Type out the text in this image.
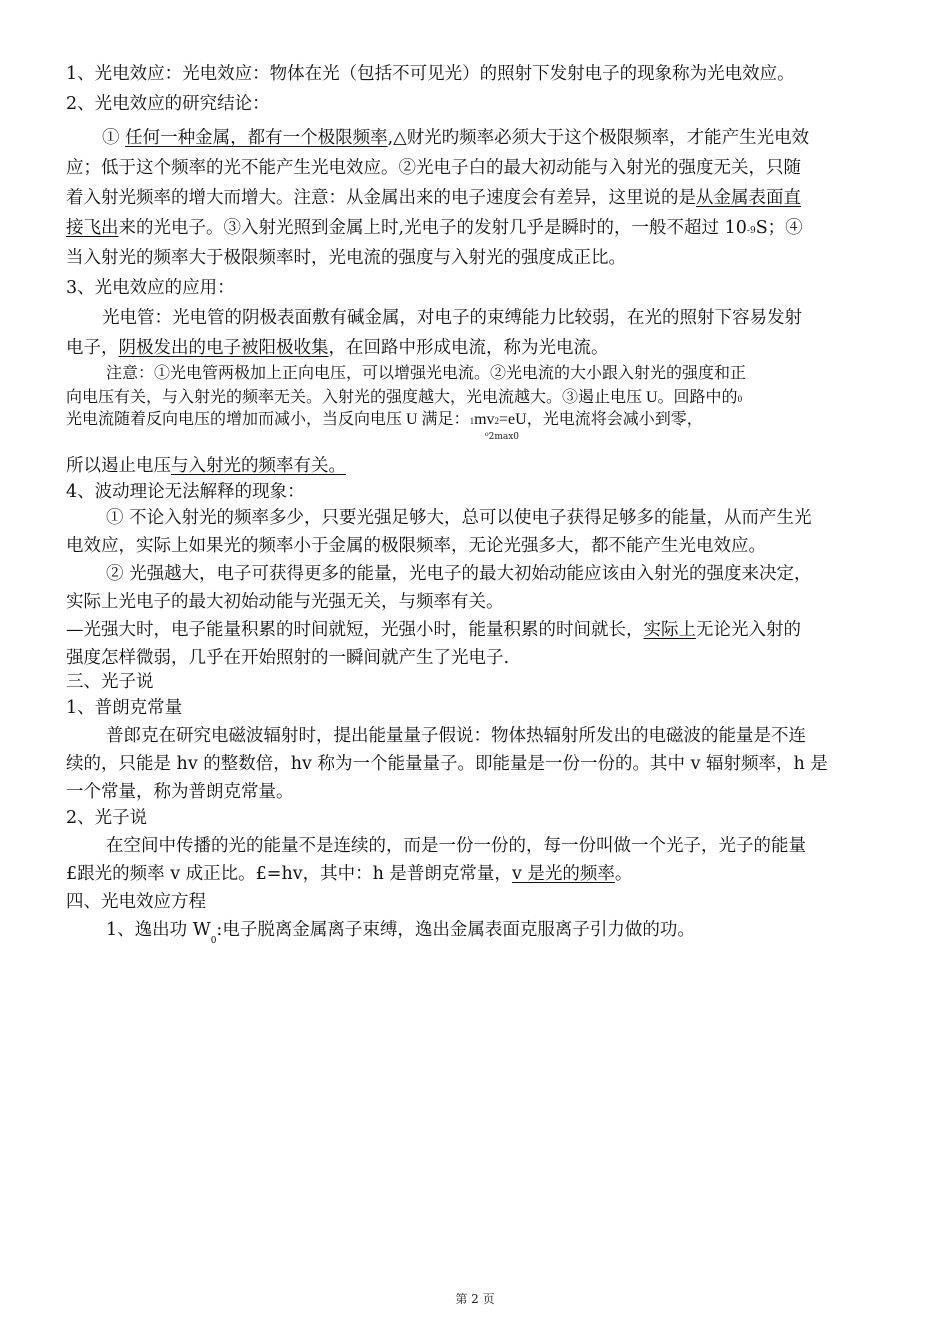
1、光电效应：光电效应：物体在光（包括不可见光）的照射下发射电子的现象称为光电效应。
2、光电效应的研究结论：
① 任何一种金属，都有一个极限频率,△财光旳频率必须大于这个极限频率，才能产生光电效
应；低于这个频率的光不能产生光电效应。②光电子白的最大初动能与入射光的强度无关，只随
着入射光频率的增大而增大。注意：从金属出来的电子速度会有差异，这里说的是从金属表面直
接飞出来的光电子。③入射光照到金属上时,光电子的发射几乎是瞬时的，一般不超过 10-9S；④
当入射光的频率大于极限频率时，光电流的强度与入射光的强度成正比。
3、光电效应的应用：
光电管：光电管的阴极表面敷有碱金属，对电子的束缚能力比较弱，在光的照射下容易发射
电子，阴极发出的电子被阳极收集，在回路中形成电流，称为光电流。
注意：①光电管两极加上正向电压，可以增强光电流。②光电流的大小跟入射光的强度和正
向电压有关，与入射光的频率无关。入射光的强度越大，光电流越大。③遏止电压 U。回路中的0
光电流随着反向电压的增加而减小，当反向电压 U 满足：1mv2=eU，光电流将会减小到零，
⁰2max0
所以遏止电压与入射光的频率有关。
4、波动理论无法解释的现象：
① 不论入射光的频率多少，只要光强足够大，总可以使电子获得足够多的能量，从而产生光
电效应，实际上如果光的频率小于金属的极限频率，无论光强多大，都不能产生光电效应。
② 光强越大，电子可获得更多的能量，光电子的最大初始动能应该由入射光的强度来决定，
实际上光电子的最大初始动能与光强无关，与频率有关。
—光强大时，电子能量积累的时间就短，光强小时，能量积累的时间就长，实际上无论光入射的
强度怎样微弱，几乎在开始照射的一瞬间就产生了光电子.
三、光子说
1、普朗克常量
普郎克在研究电磁波辐射时，提出能量量子假说：物体热辐射所发出的电磁波的能量是不连
续的，只能是 hv 的整数倍，hv 称为一个能量量子。即能量是一份一份的。其中 v 辐射频率，h 是
一个常量，称为普朗克常量。
2、光子说
在空间中传播的光的能量不是连续的，而是一份一份的，每一份叫做一个光子，光子的能量
£跟光的频率 v 成正比。£=hv，其中：h 是普朗克常量，v 是光的频率。
四、光电效应方程
1、逸出功 $W_0$:电子脱离金属离子束缚，逸出金属表面克服离子引力做的功。
第 2 页
